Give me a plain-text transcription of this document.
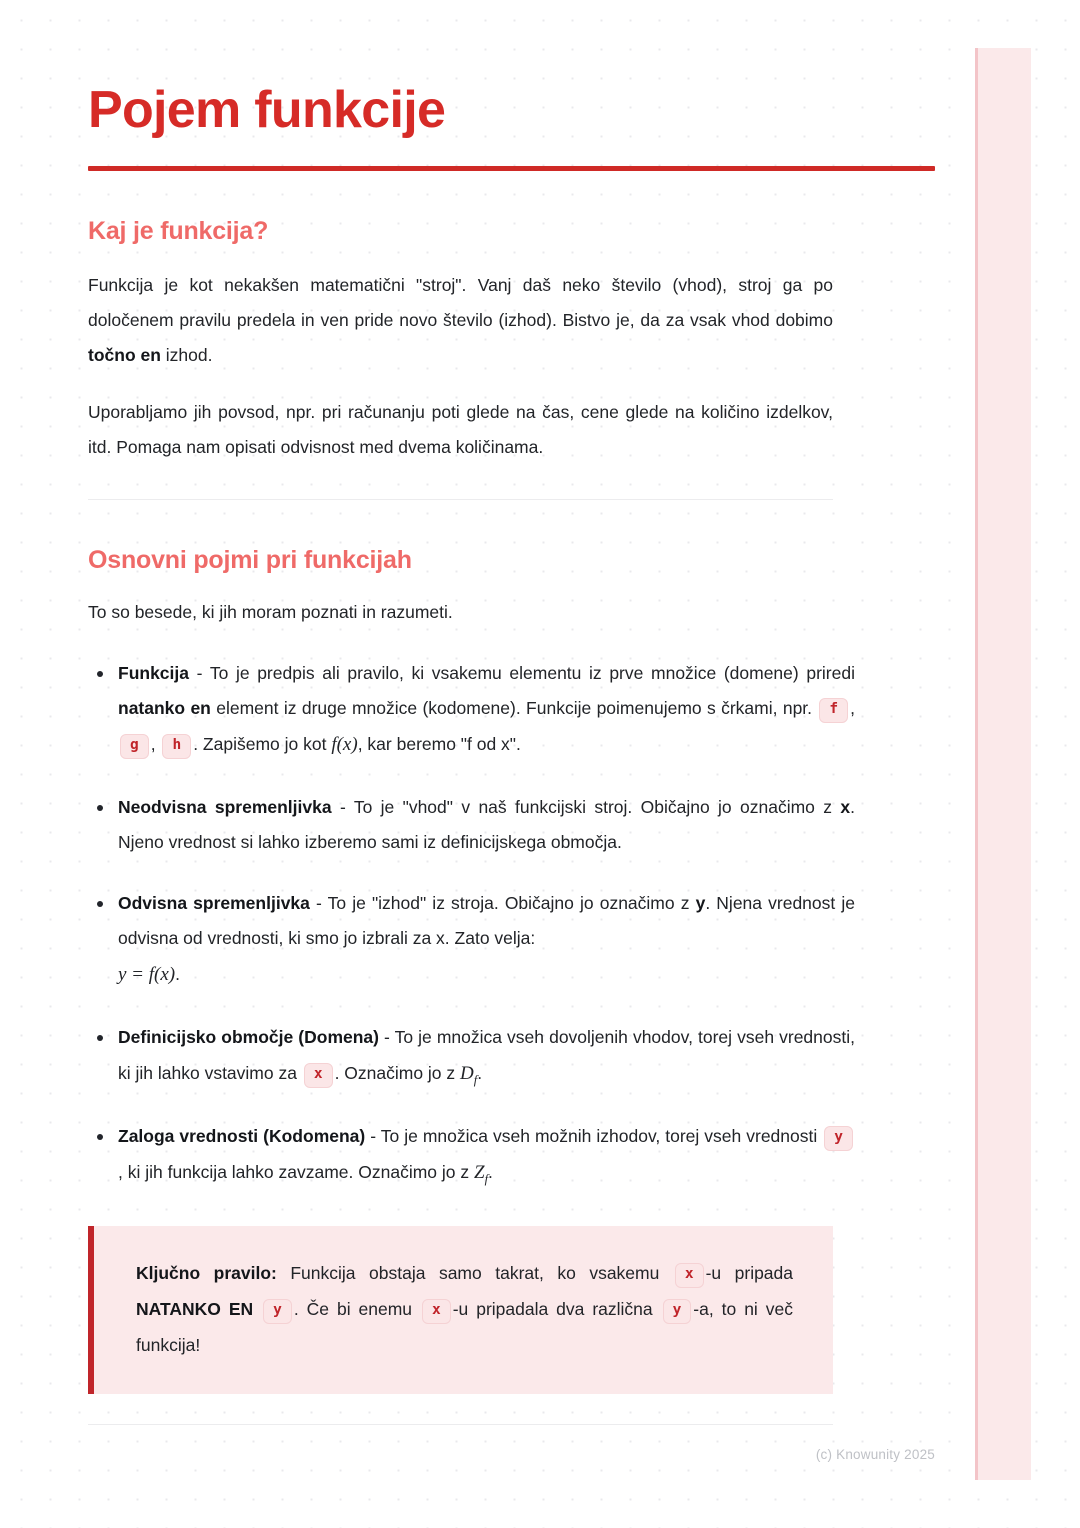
Pojem funkcije
Kaj je funkcija?

Funkcija je kot nekakšen matematični "stroj". Vanj daš neko število (vhod), stroj ga po določenem pravilu predela in ven pride novo število (izhod). Bistvo je, da za vsak vhod dobimo točno en izhod.

Uporabljamo jih povsod, npr. pri računanju poti glede na čas, cene glede na količino izdelkov, itd. Pomaga nam opisati odvisnost med dvema količinama.

Osnovni pojmi pri funkcijah

To so besede, ki jih moram poznati in razumeti.

Funkcija - To je predpis ali pravilo, ki vsakemu elementu iz prve množice (domene) priredi natanko en element iz druge množice (kodomene). Funkcije poimenujemo s črkami, npr. f , g , h . Zapišemo jo kot f(x), kar beremo "f od x".
Neodvisna spremenljivka - To je "vhod" v naš funkcijski stroj. Običajno jo označimo z x. Njeno vrednost si lahko izberemo sami iz definicijskega območja.
Odvisna spremenljivka - To je "izhod" iz stroja. Običajno jo označimo z y. Njena vrednost je odvisna od vrednosti, ki smo jo izbrali za x. Zato velja:
y = f(x).
Definicijsko območje (Domena) - To je množica vseh dovoljenih vhodov, torej vseh vrednosti, ki jih lahko vstavimo za x . Označimo jo z $D_f$.
Zaloga vrednosti (Kodomena) - To je množica vseh možnih izhodov, torej vseh vrednosti y, ki jih funkcija lahko zavzame. Označimo jo z $Z_f$.

Ključno pravilo: Funkcija obstaja samo takrat, ko vsakemu x -u pripada NATANKO EN y . Če bi enemu x -u pripadala dva različna y -a, to ni več funkcija!

(c) Knowunity 2025
